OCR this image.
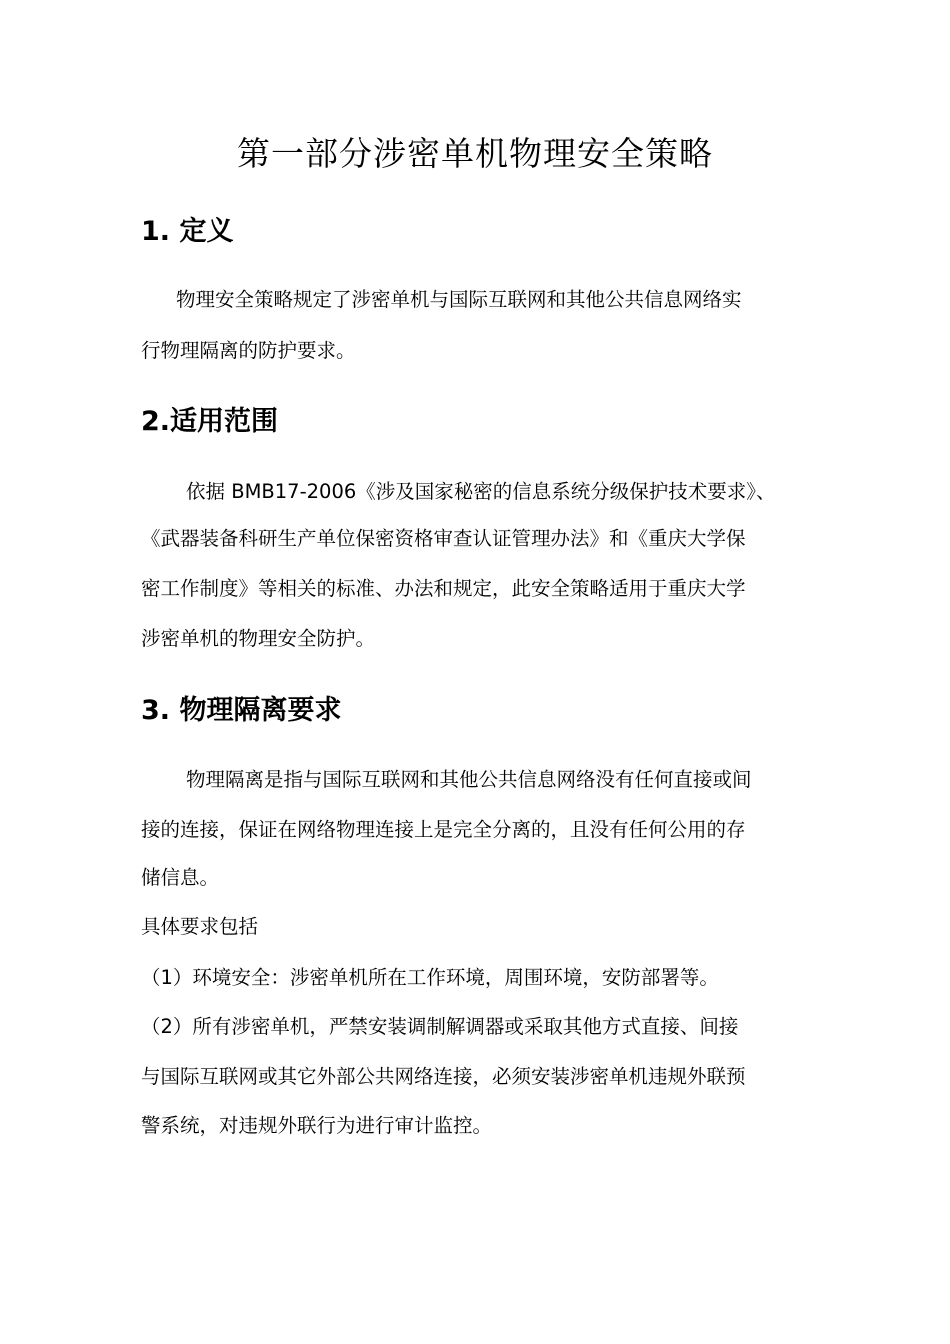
第一部分涉密单机物理安全策略
1. 定义
物理安全策略规定了涉密单机与国际互联网和其他公共信息网络实
行物理隔离的防护要求。
2.适用范围
依据 BMB17-2006《涉及国家秘密的信息系统分级保护技术要求》、
《武器装备科研生产单位保密资格审查认证管理办法》和《重庆大学保
密工作制度》等相关的标准、办法和规定，此安全策略适用于重庆大学
涉密单机的物理安全防护。
3. 物理隔离要求
物理隔离是指与国际互联网和其他公共信息网络没有任何直接或间
接的连接，保证在网络物理连接上是完全分离的，且没有任何公用的存
储信息。
具体要求包括
（1）环境安全：涉密单机所在工作环境，周围环境，安防部署等。
（2）所有涉密单机，严禁安装调制解调器或采取其他方式直接、间接
与国际互联网或其它外部公共网络连接，必须安装涉密单机违规外联预
警系统，对违规外联行为进行审计监控。
